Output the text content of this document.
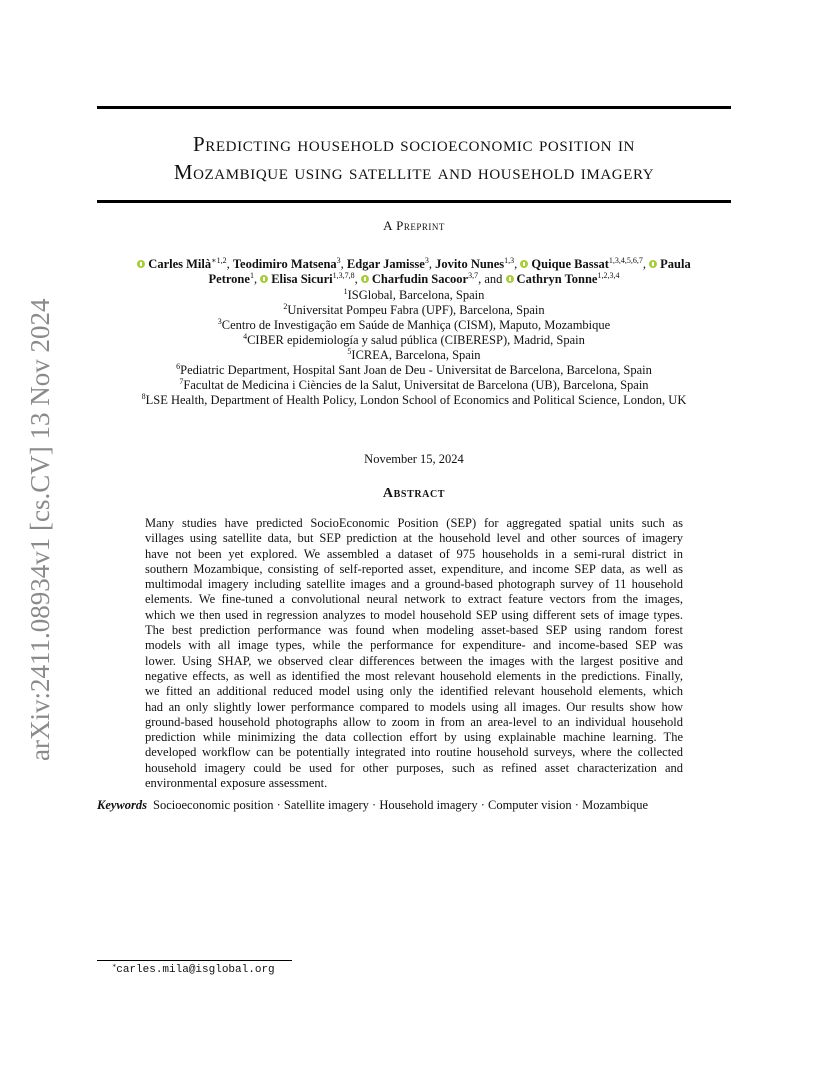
arXiv:2411.08934v1 [cs.CV] 13 Nov 2024
Predicting household socioeconomic position in
Mozambique using satellite and household imagery
A Preprint
Carles Milà$^{∗1,2}$, Teodimiro Matsena$^3$, Edgar Jamisse$^3$, Jovito Nunes$^{1,3}$, Quique Bassat$^{1,3,4,5,6,7}$, Paula
Petrone$^1$, Elisa Sicuri$^{1,3,7,8}$, Charfudin Sacoor$^{3,7}$, and Cathryn Tonne$^{1,2,3,4}$
$^1$ISGlobal, Barcelona, Spain
$^2$Universitat Pompeu Fabra (UPF), Barcelona, Spain
$^3$Centro de Investigação em Saúde de Manhiça (CISM), Maputo, Mozambique
$^4$CIBER epidemiología y salud pública (CIBERESP), Madrid, Spain
$^5$ICREA, Barcelona, Spain
$^6$Pediatric Department, Hospital Sant Joan de Deu - Universitat de Barcelona, Barcelona, Spain
$^7$Facultat de Medicina i Ciències de la Salut, Universitat de Barcelona (UB), Barcelona, Spain
$^8$LSE Health, Department of Health Policy, London School of Economics and Political Science, London, UK
November 15, 2024
Abstract
Many studies have predicted SocioEconomic Position (SEP) for aggregated spatial units such as
villages using satellite data, but SEP prediction at the household level and other sources of imagery
have not been yet explored. We assembled a dataset of 975 households in a semi-rural district in
southern Mozambique, consisting of self-reported asset, expenditure, and income SEP data, as well as
multimodal imagery including satellite images and a ground-based photograph survey of 11 household
elements. We fine-tuned a convolutional neural network to extract feature vectors from the images,
which we then used in regression analyzes to model household SEP using different sets of image types.
The best prediction performance was found when modeling asset-based SEP using random forest
models with all image types, while the performance for expenditure- and income-based SEP was
lower. Using SHAP, we observed clear differences between the images with the largest positive and
negative effects, as well as identified the most relevant household elements in the predictions. Finally,
we fitted an additional reduced model using only the identified relevant household elements, which
had an only slightly lower performance compared to models using all images. Our results show how
ground-based household photographs allow to zoom in from an area-level to an individual household
prediction while minimizing the data collection effort by using explainable machine learning. The
developed workflow can be potentially integrated into routine household surveys, where the collected
household imagery could be used for other purposes, such as refined asset characterization and
environmental exposure assessment.
Keywords Socioeconomic position · Satellite imagery · Household imagery · Computer vision · Mozambique
∗carles.mila@isglobal.org
